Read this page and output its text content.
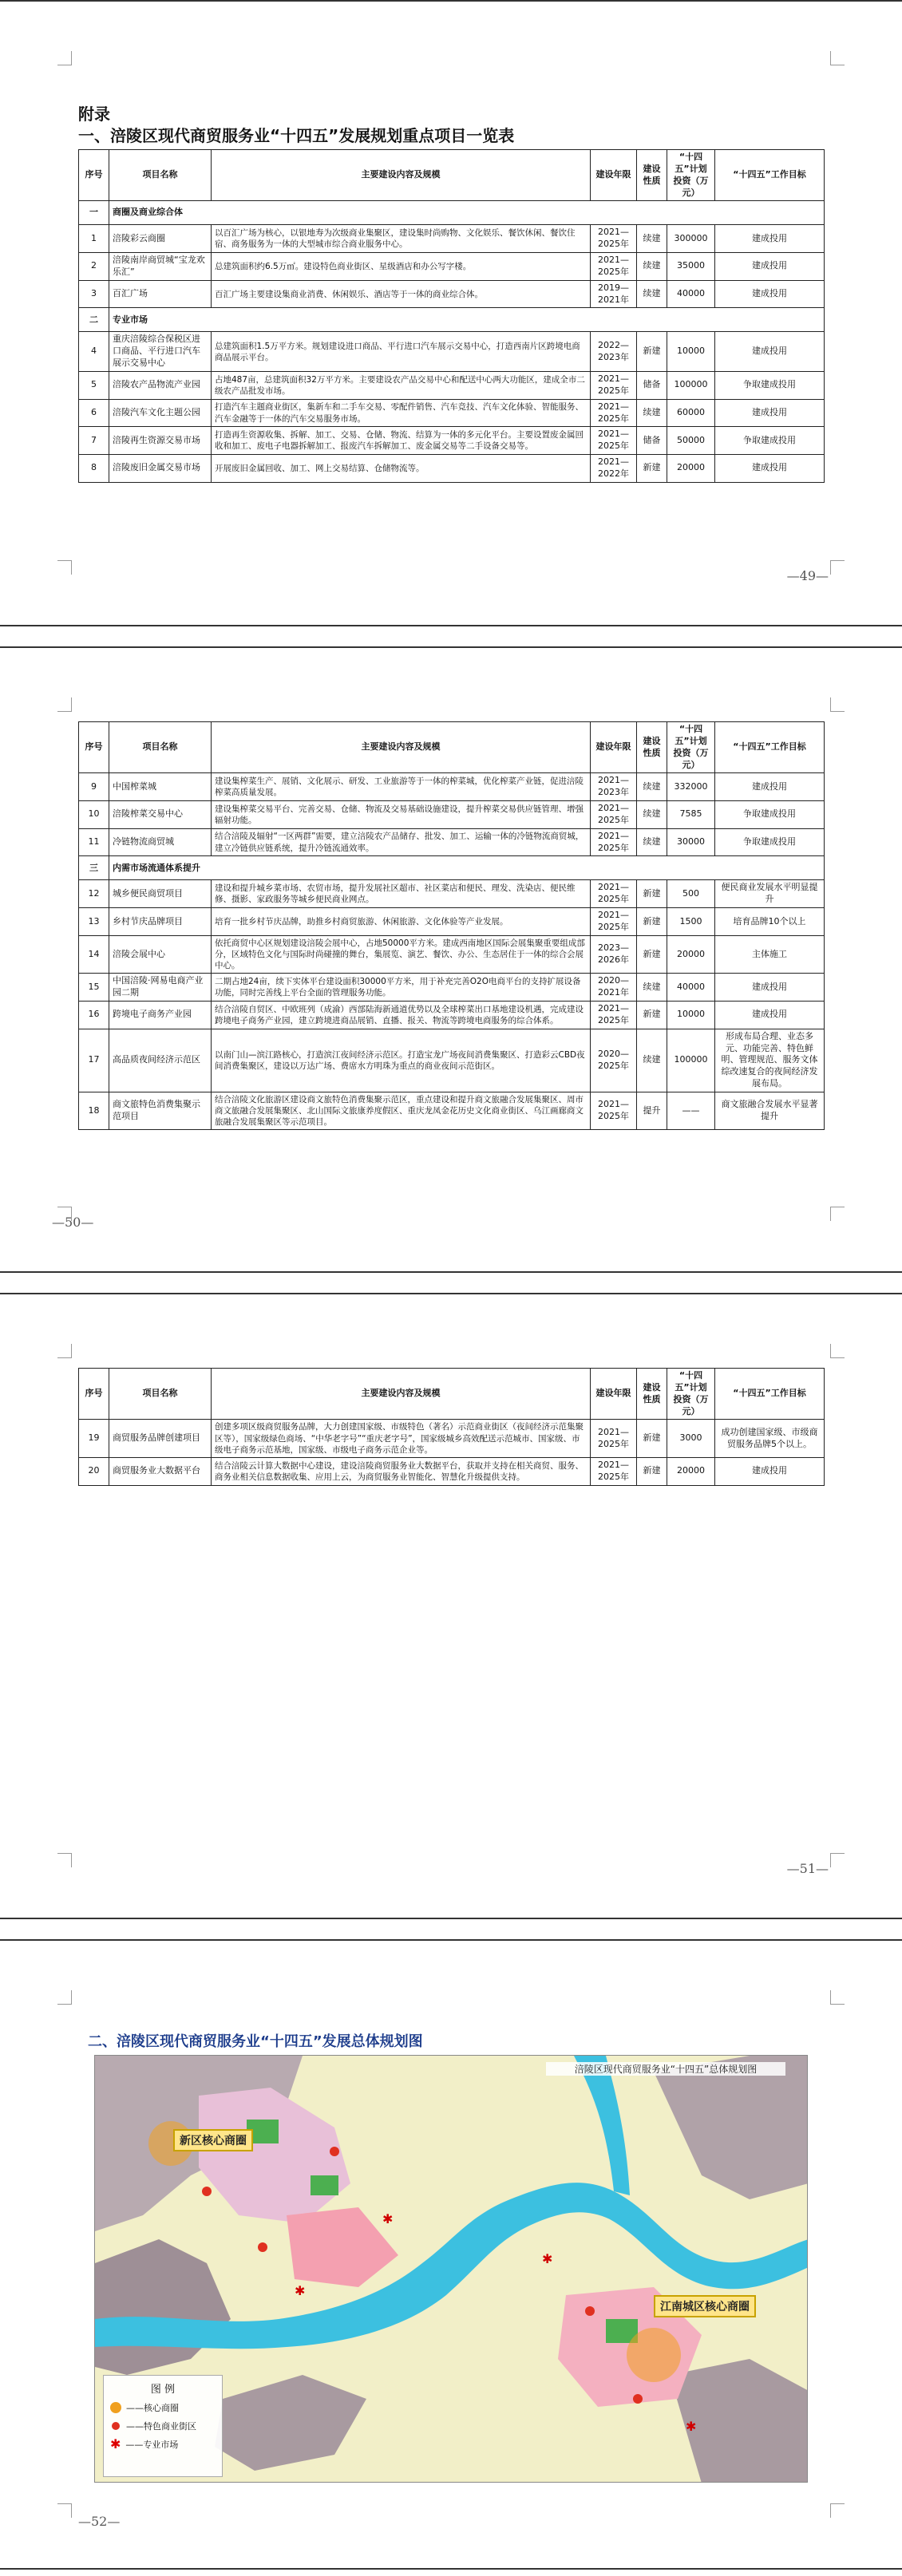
附录
一、涪陵区现代商贸服务业“十四五”发展规划重点项目一览表
序号	项目名称	主要建设内容及规模	建设年限	建设性质	“十四五”计划投资（万元）	“十四五”工作目标
一	商圈及商业综合体					
1	涪陵彩云商圈	以百汇广场为核心，以银地寿为次级商业集聚区，建设集时尚购物、文化娱乐、餐饮休闲、餐饮住宿、商务服务为一体的大型城市综合商业服务中心。	2021—2025年	续建	300000	建成投用
2	涪陵南岸商贸城“宝龙欢乐汇”	总建筑面积约6.5万㎡。建设特色商业街区、星级酒店和办公写字楼。	2021—2025年	续建	35000	建成投用
3	百汇广场	百汇广场主要建设集商业消费、休闲娱乐、酒店等于一体的商业综合体。	2019—2021年	续建	40000	建成投用
二	专业市场					
4	重庆涪陵综合保税区进口商品、平行进口汽车展示交易中心	总建筑面积1.5万平方米。规划建设进口商品、平行进口汽车展示交易中心，打造西南片区跨境电商商品展示平台。	2022—2023年	新建	10000	建成投用
5	涪陵农产品物流产业园	占地487亩，总建筑面积32万平方米。主要建设农产品交易中心和配送中心两大功能区，建成全市二级农产品批发市场。	2021—2025年	储备	100000	争取建成投用
6	涪陵汽车文化主题公园	打造汽车主题商业街区，集新车和二手车交易、零配件销售、汽车竞技、汽车文化体验、智能服务、汽车金融等于一体的汽车交易服务市场。	2021—2025年	续建	60000	建成投用
7	涪陵再生资源交易市场	打造再生资源收集、拆解、加工、交易、仓储、物流、结算为一体的多元化平台。主要设置废金属回收和加工、废电子电器拆解加工、报废汽车拆解加工、废金属交易等二手设备交易等。	2021—2025年	储备	50000	争取建成投用
8	涪陵废旧金属交易市场	开展废旧金属回收、加工、网上交易结算、仓储物流等。	2021—2022年	新建	20000	建成投用
—49—
序号	项目名称	主要建设内容及规模	建设年限	建设性质	“十四五”计划投资（万元）	“十四五”工作目标
9	中国榨菜城	建设集榨菜生产、展销、文化展示、研发、工业旅游等于一体的榨菜城，优化榨菜产业链，促进涪陵榨菜高质量发展。	2021—2023年	续建	332000	建成投用
10	涪陵榨菜交易中心	建设集榨菜交易平台、完善交易、仓储、物流及交易基础设施建设，提升榨菜交易供应链管理、增强辐射功能。	2021—2025年	续建	7585	争取建成投用
11	冷链物流商贸城	结合涪陵及辐射“一区两群”需要，建立涪陵农产品储存、批发、加工、运输一体的冷链物流商贸城，建立冷链供应链系统，提升冷链流通效率。	2021—2025年	续建	30000	争取建成投用
三	内需市场流通体系提升					
12	城乡便民商贸项目	建设和提升城乡菜市场、农贸市场，提升发展社区超市、社区菜店和便民、理发、洗染店、便民维修、摄影、家政服务等城乡便民商业网点。	2021—2025年	新建	500	便民商业发展水平明显提升
13	乡村节庆品牌项目	培育一批乡村节庆品牌，助推乡村商贸旅游、休闲旅游、文化体验等产业发展。	2021—2025年	新建	1500	培育品牌10个以上
14	涪陵会展中心	依托商贸中心区规划建设涪陵会展中心，占地50000平方米。建成西南地区国际会展集聚重要组成部分，区域特色文化与国际时尚碰撞的舞台，集展览、演艺、餐饮、办公、生态居住于一体的综合会展中心。	2023—2026年	新建	20000	主体施工
15	中国涪陵·网易电商产业园二期	二期占地24亩，续下实体平台建设面积30000平方米，用于补充完善O2O电商平台的支持扩展设备功能，同时完善线上平台全面的管理服务功能。	2020—2021年	续建	40000	建成投用
16	跨境电子商务产业园	结合涪陵自贸区、中欧班列（成渝）西部陆海新通道优势以及全球榨菜出口基地建设机遇，完成建设跨境电子商务产业园，建立跨境进商品展销、直播、报关、物流等跨境电商服务的综合体系。	2021—2025年	新建	10000	建成投用
17	高品质夜间经济示范区	以南门山—滨江路核心，打造滨江夜间经济示范区。打造宝龙广场夜间消费集聚区、打造彩云CBD夜间消费集聚区，建设以万达广场、费席水方明珠为重点的商业夜间示范街区。	2020—2025年	续建	100000	形成布局合理、业态多元、功能完善、特色鲜明、管理规范、服务文体综改速复合的夜间经济发展布局。
18	商文旅特色消费集聚示范项目	结合涪陵文化旅游区建设商文旅特色消费集聚示范区，重点建设和提升商文旅融合发展集聚区、周市商文旅融合发展集聚区、北山国际文旅康养度假区、重庆龙凤金花历史文化商业街区、乌江画廊商文旅融合发展集聚区等示范项目。	2021—2025年	提升	——	商文旅融合发展水平显著提升
—50—
序号	项目名称	主要建设内容及规模	建设年限	建设性质	“十四五”计划投资（万元）	“十四五”工作目标
19	商贸服务品牌创建项目	创建多项区级商贸服务品牌，大力创建国家级、市级特色（著名）示范商业街区（夜间经济示范集聚区等），国家级绿色商场、“中华老字号”“重庆老字号”，国家级城乡高效配送示范城市、国家级、市级电子商务示范基地，国家级、市级电子商务示范企业等。	2021—2025年	新建	3000	成功创建国家级、市级商贸服务品牌5个以上。
20	商贸服务业大数据平台	结合涪陵云计算大数据中心建设，建设涪陵商贸服务业大数据平台，获取并支持在相关商贸、服务、商务业相关信息数据收集、应用上云，为商贸服务业智能化、智慧化升级提供支持。	2021—2025年	新建	20000	建成投用
—51—
二、涪陵区现代商贸服务业“十四五”发展总体规划图
—52—
✱
✱
✱
✱
涪陵区现代商贸服务业“十四五”总体规划图
新区核心商圈
江南城区核心商圈
图 例
——核心商圈
——特色商业街区
✱ ——专业市场
